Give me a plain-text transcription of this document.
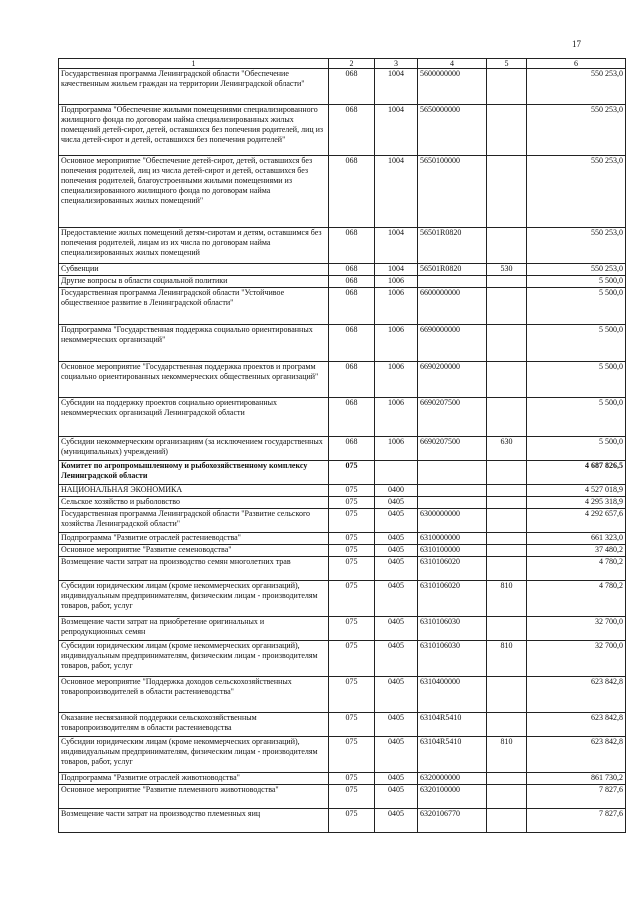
17
1	2	3	4	5	6
Государственная программа Ленинградской области "Обеспечение качественным жильем граждан на территории Ленинградской области"	068	1004	5600000000		550 253,0
Подпрограмма "Обеспечение жилыми помещениями специализированного жилищного фонда по договорам найма специализированных жилых помещений детей-сирот, детей, оставшихся без попечения родителей, лиц из числа детей-сирот и детей, оставшихся без попечения родителей"	068	1004	5650000000		550 253,0
Основное мероприятие "Обеспечение детей-сирот, детей, оставшихся без попечения родителей, лиц из числа детей-сирот и детей, оставшихся без попечения родителей, благоустроенными жилыми помещениями из специализированного жилищного фонда по договорам найма специализированных жилых помещений"	068	1004	5650100000		550 253,0
Предоставление жилых помещений детям-сиротам и детям, оставшимся без попечения родителей, лицам из их числа по договорам найма специализированных жилых помещений	068	1004	56501R0820		550 253,0
Субвенции	068	1004	56501R0820	530	550 253,0
Другие вопросы в области социальной политики	068	1006			5 500,0
Государственная программа Ленинградской области "Устойчивое общественное развитие в Ленинградской области"	068	1006	6600000000		5 500,0
Подпрограмма "Государственная поддержка социально ориентированных некоммерческих организаций"	068	1006	6690000000		5 500,0
Основное мероприятие "Государственная поддержка проектов и программ социально ориентированных некоммерческих общественных организаций"	068	1006	6690200000		5 500,0
Субсидии на поддержку проектов социально ориентированных некоммерческих организаций Ленинградской области	068	1006	6690207500		5 500,0
Субсидии некоммерческим организациям (за исключением государственных (муниципальных) учреждений)	068	1006	6690207500	630	5 500,0
Комитет по агропромышленному и рыбохозяйственному комплексу Ленинградской области	075				4 687 826,5
НАЦИОНАЛЬНАЯ ЭКОНОМИКА	075	0400			4 527 018,9
Сельское хозяйство и рыболовство	075	0405			4 295 318,9
Государственная программа Ленинградской области "Развитие сельского хозяйства Ленинградской области"	075	0405	6300000000		4 292 657,6
Подпрограмма "Развитие отраслей растениеводства"	075	0405	6310000000		661 323,0
Основное мероприятие "Развитие семеноводства"	075	0405	6310100000		37 480,2
Возмещение части затрат на производство семян многолетних трав	075	0405	6310106020		4 780,2
Субсидии юридическим лицам (кроме некоммерческих организаций), индивидуальным предпринимателям, физическим лицам - производителям товаров, работ, услуг	075	0405	6310106020	810	4 780,2
Возмещение части затрат на приобретение оригинальных и репродукционных семян	075	0405	6310106030		32 700,0
Субсидии юридическим лицам (кроме некоммерческих организаций), индивидуальным предпринимателям, физическим лицам - производителям товаров, работ, услуг	075	0405	6310106030	810	32 700,0
Основное мероприятие "Поддержка доходов сельскохозяйственных товаропроизводителей в области растениеводства"	075	0405	6310400000		623 842,8
Оказание несвязанной поддержки сельскохозяйственным товаропроизводителям в области растениеводства	075	0405	63104R5410		623 842,8
Субсидии юридическим лицам (кроме некоммерческих организаций), индивидуальным предпринимателям, физическим лицам - производителям товаров, работ, услуг	075	0405	63104R5410	810	623 842,8
Подпрограмма "Развитие отраслей животноводства"	075	0405	6320000000		861 730,2
Основное мероприятие "Развитие племенного животноводства"	075	0405	6320100000		7 827,6
Возмещение части затрат на производство племенных яиц	075	0405	6320106770		7 827,6
